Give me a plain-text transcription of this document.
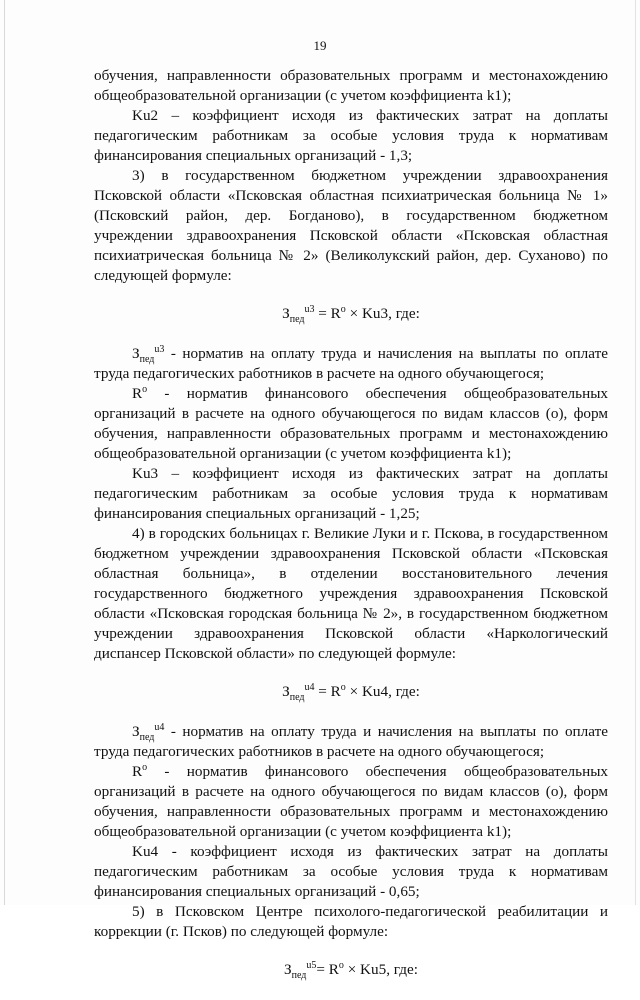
19
обучения, направленности образовательных программ и местонахождению общеобразовательной организации (с учетом коэффициента k1);
Ku2 – коэффициент исходя из фактических затрат на доплаты педагогическим работникам за особые условия труда к нормативам финансирования специальных организаций - 1,3;
3) в государственном бюджетном учреждении здравоохранения Псковской области «Псковская областная психиатрическая больница № 1» (Псковский район, дер. Богданово), в государственном бюджетном учреждении здравоохранения Псковской области «Псковская областная психиатрическая больница № 2» (Великолукский район, дер. Суханово) по следующей формуле:
$З_{пед}^{u3} = R^o \times Ku3$, где:
$З_{пед}^{u3}$ - норматив на оплату труда и начисления на выплаты по оплате труда педагогических работников в расчете на одного обучающегося;
$R^o$ - норматив финансового обеспечения общеобразовательных организаций в расчете на одного обучающегося по видам классов (о), форм обучения, направленности образовательных программ и местонахождению общеобразовательной организации (с учетом коэффициента k1);
Ku3 – коэффициент исходя из фактических затрат на доплаты педагогическим работникам за особые условия труда к нормативам финансирования специальных организаций - 1,25;
4) в городских больницах г. Великие Луки и г. Пскова, в государственном бюджетном учреждении здравоохранения Псковской области «Псковская областная больница», в отделении восстановительного лечения государственного бюджетного учреждения здравоохранения Псковской области «Псковская городская больница № 2», в государственном бюджетном учреждении здравоохранения Псковской области «Наркологический диспансер Псковской области» по следующей формуле:
$З_{пед}^{u4} = R^o \times Ku4$, где:
$З_{пед}^{u4}$ - норматив на оплату труда и начисления на выплаты по оплате труда педагогических работников в расчете на одного обучающегося;
$R^o$ - норматив финансового обеспечения общеобразовательных организаций в расчете на одного обучающегося по видам классов (о), форм обучения, направленности образовательных программ и местонахождению общеобразовательной организации (с учетом коэффициента k1);
Ku4 - коэффициент исходя из фактических затрат на доплаты педагогическим работникам за особые условия труда к нормативам финансирования специальных организаций - 0,65;
5) в Псковском Центре психолого-педагогической реабилитации и коррекции (г. Псков) по следующей формуле:
$З_{пед}^{u5}= R^o \times Ku5$, где:
